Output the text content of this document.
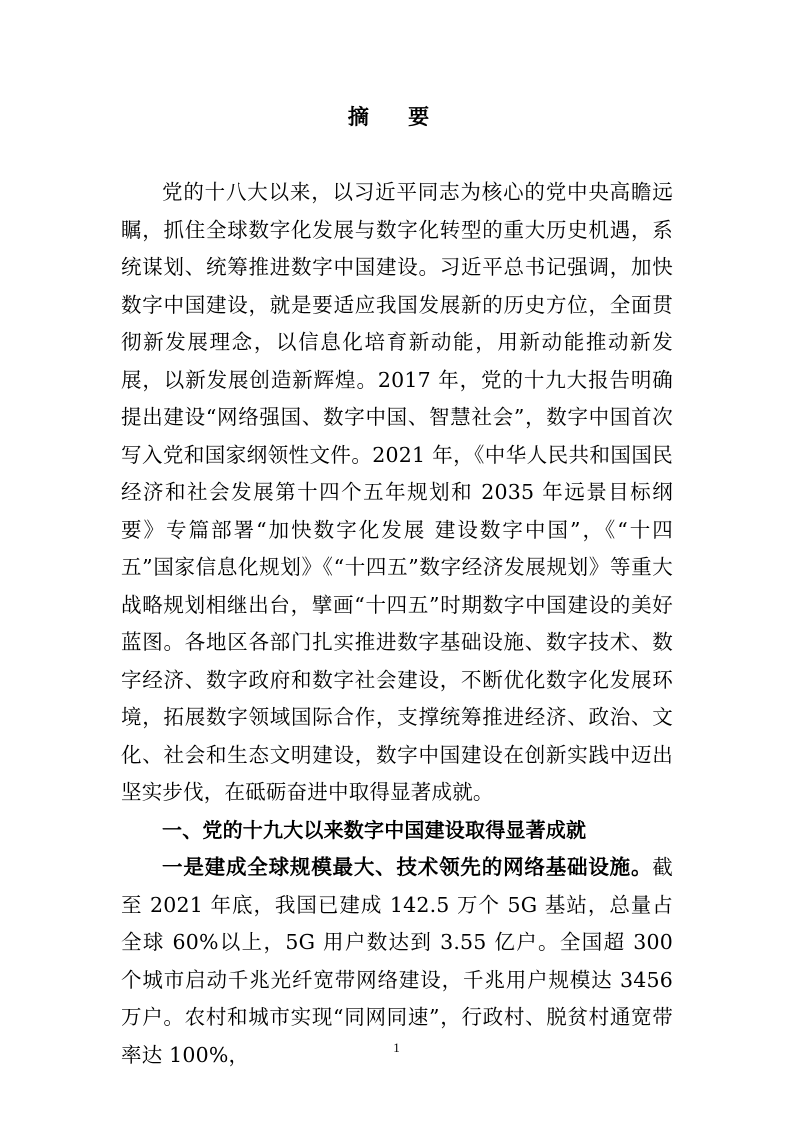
摘 要

党的十八大以来，以习近平同志为核心的党中央高瞻远瞩，抓住全球数字化发展与数字化转型的重大历史机遇，系统谋划、统筹推进数字中国建设。习近平总书记强调，加快数字中国建设，就是要适应我国发展新的历史方位，全面贯彻新发展理念，以信息化培育新动能，用新动能推动新发展，以新发展创造新辉煌。2017 年，党的十九大报告明确提出建设“网络强国、数字中国、智慧社会”，数字中国首次写入党和国家纲领性文件。2021 年，《中华人民共和国国民经济和社会发展第十四个五年规划和 2035 年远景目标纲要》专篇部署“加快数字化发展 建设数字中国”，《“十四五”国家信息化规划》《“十四五”数字经济发展规划》等重大战略规划相继出台，擘画“十四五”时期数字中国建设的美好蓝图。各地区各部门扎实推进数字基础设施、数字技术、数字经济、数字政府和数字社会建设，不断优化数字化发展环境，拓展数字领域国际合作，支撑统筹推进经济、政治、文化、社会和生态文明建设，数字中国建设在创新实践中迈出坚实步伐，在砥砺奋进中取得显著成就。

一、党的十九大以来数字中国建设取得显著成就

一是建成全球规模最大、技术领先的网络基础设施。截至 2021 年底，我国已建成 142.5 万个 5G 基站，总量占全球 60%以上，5G 用户数达到 3.55 亿户。全国超 300 个城市启动千兆光纤宽带网络建设，千兆用户规模达 3456 万户。农村和城市实现“同网同速”，行政村、脱贫村通宽带率达 100%，	1
